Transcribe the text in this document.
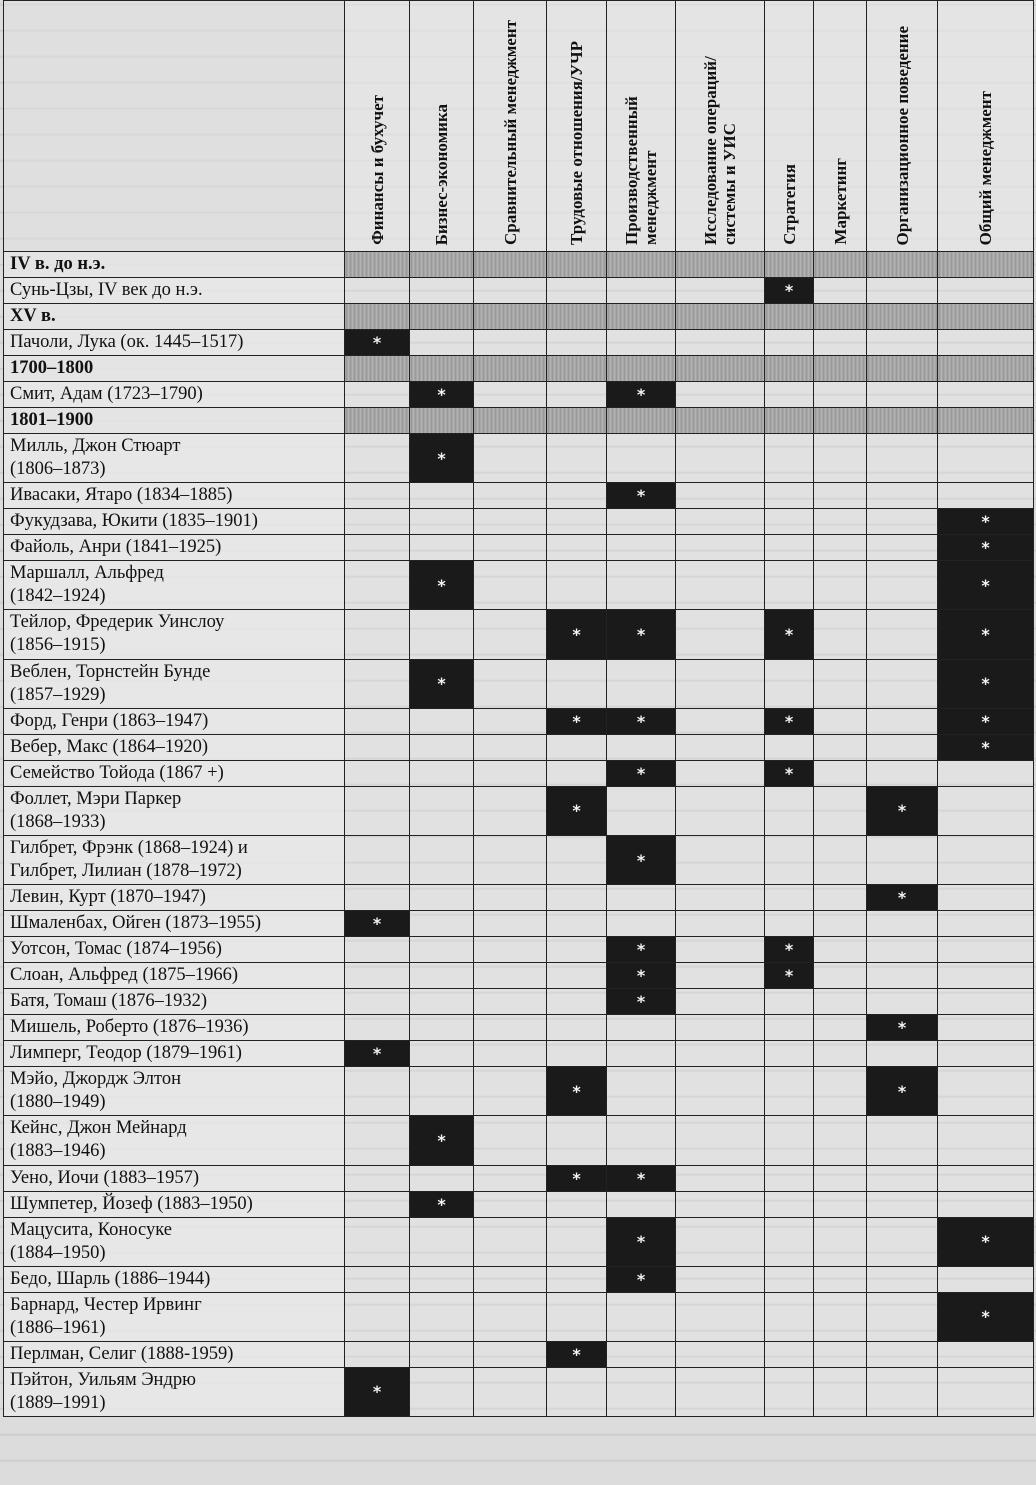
	Финансы и бухучет	Бизнес-экономика	Сравнительный менеджмент	Трудовые отношения/УЧР	Производственный менеджмент	Исследование операций/системы и УИС	Стратегия	Маркетинг	Организационное поведение	Общий менеджмент

IV в. до н.э.										

Сунь-Цзы, IV век до н.э.							*			

XV в.										

Пачоли, Лука (ок. 1445–1517)	*									

1700–1800										

Смит, Адам (1723–1790)		*			*					

1801–1900										

Милль, Джон Стюарт
(1806–1873)		*								

Ивасаки, Ятаро (1834–1885)					*					

Фукудзава, Юкити (1835–1901)										*

Файоль, Анри (1841–1925)										*

Маршалл, Альфред
(1842–1924)		*								*

Тейлор, Фредерик Уинслоу
(1856–1915)				*	*		*			*

Веблен, Торнстейн Бунде
(1857–1929)		*								*

Форд, Генри (1863–1947)				*	*		*			*

Вебер, Макс (1864–1920)										*

Семейство Тойода (1867 +)					*		*			

Фоллет, Мэри Паркер
(1868–1933)				*					*	

Гилбрет, Фрэнк (1868–1924) и
Гилбрет, Лилиан (1878–1972)					*					

Левин, Курт (1870–1947)									*	

Шмаленбах, Ойген (1873–1955)	*									

Уотсон, Томас (1874–1956)					*		*			

Слоан, Альфред (1875–1966)					*		*			

Батя, Томаш (1876–1932)					*					

Мишель, Роберто (1876–1936)									*	

Лимперг, Теодор (1879–1961)	*									

Мэйо, Джордж Элтон
(1880–1949)				*					*	

Кейнс, Джон Мейнард
(1883–1946)		*								

Уено, Иочи (1883–1957)				*	*					

Шумпетер, Йозеф (1883–1950)		*								

Мацусита, Коносуке
(1884–1950)					*					*

Бедо, Шарль (1886–1944)					*					

Барнард, Честер Ирвинг
(1886–1961)										*

Перлман, Селиг (1888-1959)				*						

Пэйтон, Уильям Эндрю
(1889–1991)	*									
